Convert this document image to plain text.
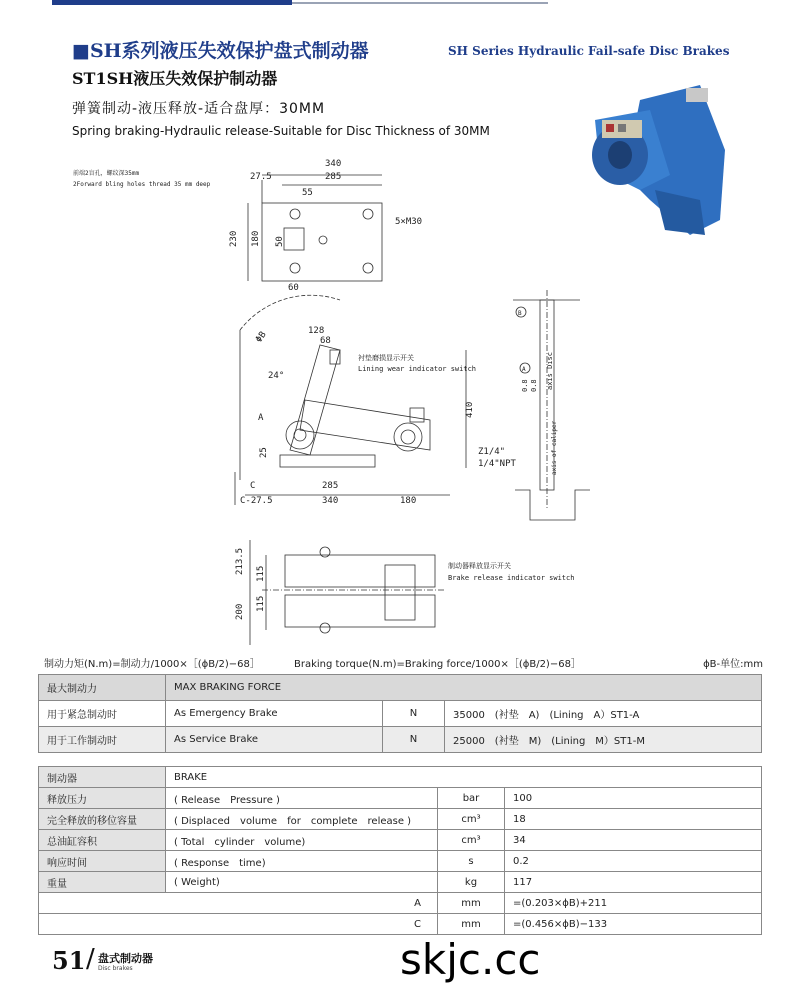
■SH系列液压失效保护盘式制动器	SH Series Hydraulic Fail-safe Disc Brakes
ST1SH液压失效保护制动器
弹簧制动-液压释放-适合盘厚：30MM
Spring braking-Hydraulic release-Suitable for Disc Thickness of 30MM
前端2盲孔，螺纹深35mm
2Forward bling holes thread 35 mm deep
340
27.5	285
55
5×M30
230 180 50
60
ΦB	128
68
24°
A
25
C	285
C-27.5	340	180
410
Z1/4"
1/4"NPT
衬垫磨损显示开关
Lining wear indicator switch
B
A
0.8 0.8 axis Disc
axis of caliper
213.5 115
115
200
制动器释放显示开关
Brake release indicator switch
制动力矩(N.m)=制动力/1000×［(ϕB/2)−68］	Braking torque(N.m)=Braking force/1000×［(ϕB/2)−68］	ϕB-单位:mm
最大制动力	MAX BRAKING FORCE		
用于紧急制动时	As Emergency Brake	N	35000　(衬垫　A)　(Lining　A）ST1-A
用于工作制动时	As Service Brake	N	25000　(衬垫　M)　(Lining　M）ST1-M
制动器	BRAKE		
释放压力	( Release　Pressure )	bar	100
完全释放的移位容量	( Displaced　volume　for　complete　release )	cm³	18
总油缸容积	( Total　cylinder　volume)	cm³	34
响应时间	( Response　time)	s	0.2
重量	( Weight)	kg	117
	A	mm	=(0.203×ϕB)+211
	C	mm	=(0.456×ϕB)−133
51 / 盘式制动器
Disc brakes	skjc.cc
